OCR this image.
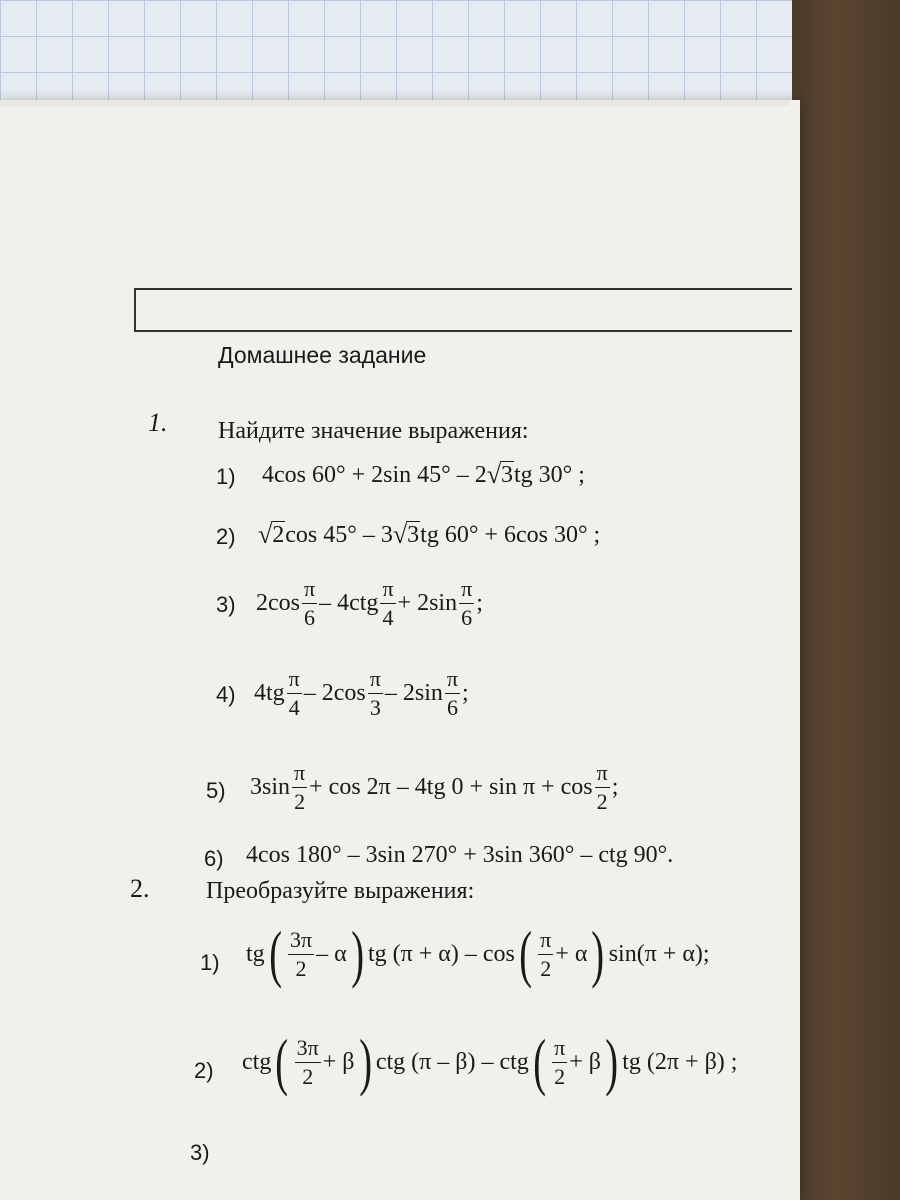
Домашнее задание
1. Найдите значение выражения:
1) 4cos 60° + 2sin 45° – 2 √ 3 tg 30° ;
2) √ 2 cos 45° – 3 √ 3 tg 60° + 6cos 30° ;
3) $2\cos \frac{\pi}{6} - 4ctg \frac{\pi}{4} + 2\sin \frac{\pi}{6}$ ;
4) $4tg \frac{\pi}{4} - 2\cos \frac{\pi}{3} - 2\sin \frac{\pi}{6}$ ;
5) $3\sin \frac{\pi}{2} + \cos 2\pi - 4tg$ $0 + \sin \pi + \cos \frac{\pi}{2}$ ;
6) 4cos 180° – 3sin 270° + 3sin 360° – ctg 90°.
2. Преобразуйте выражения:
1) tg ( $\frac{3\pi}{2}$ – α ) tg (π + α) – cos ( $\frac{\pi}{2} + \alpha$ ) sin(π + α);
2) ctg ( $\frac{3\pi}{2} + \beta$ ) ctg (π – β) – ctg ( $\frac{\pi}{2} + \beta$ ) tg (2π + β) ;
3)
